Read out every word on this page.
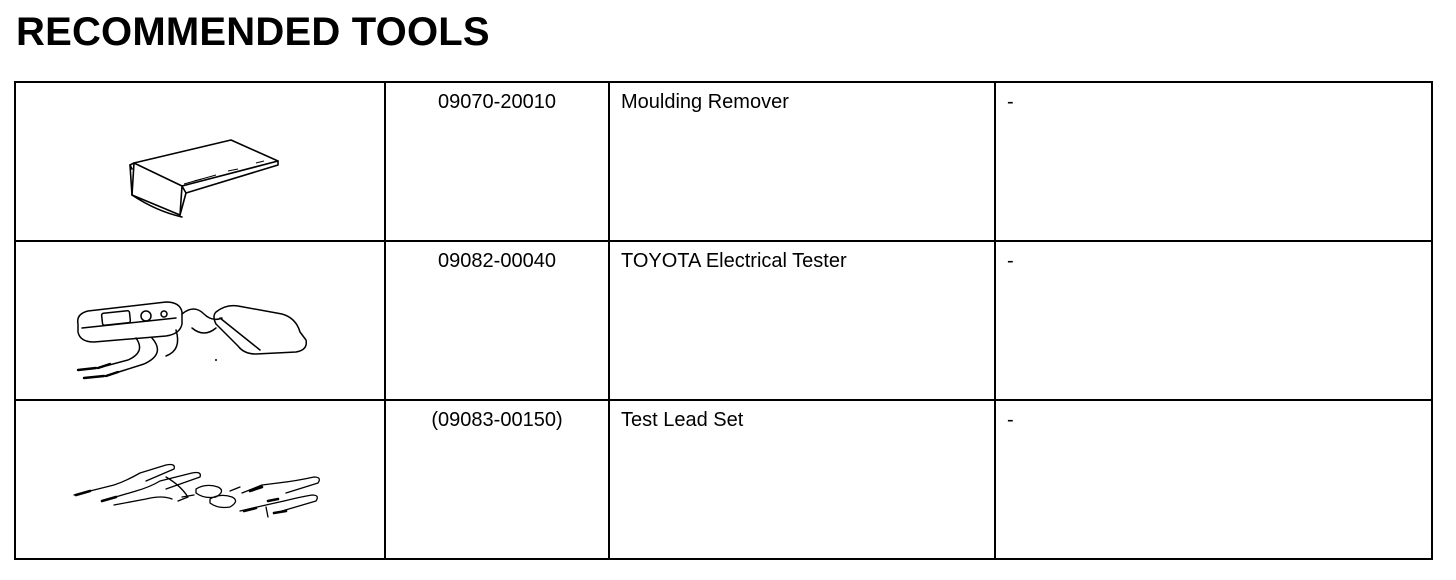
RECOMMENDED TOOLS

09070-20010	Moulding Remover	-

09082-00040	TOYOTA Electrical Tester	-

(09083-00150)	Test Lead Set	-
